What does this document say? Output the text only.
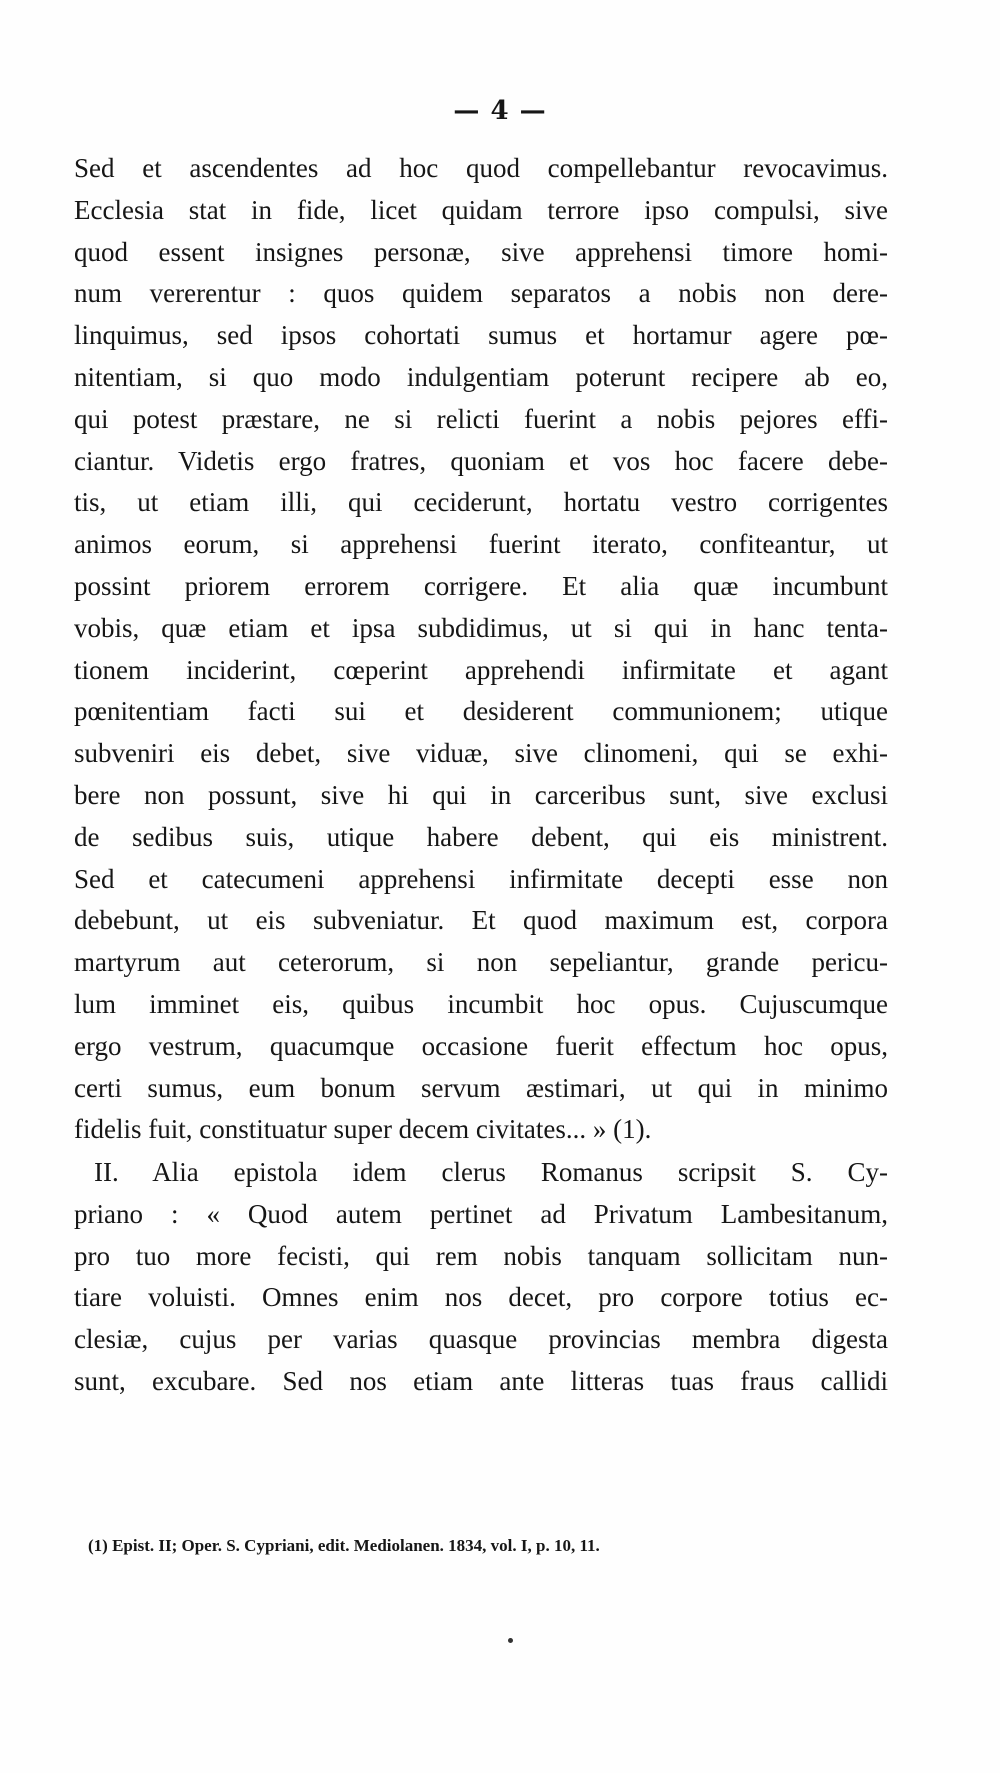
— 4 —
Sed et ascendentes ad hoc quod compellebantur revocavimus.
Ecclesia stat in fide, licet quidam terrore ipso compulsi, sive
quod essent insignes personæ, sive apprehensi timore homi-
num vererentur : quos quidem separatos a nobis non dere-
linquimus, sed ipsos cohortati sumus et hortamur agere pœ-
nitentiam, si quo modo indulgentiam poterunt recipere ab eo,
qui potest præstare, ne si relicti fuerint a nobis pejores effi-
ciantur. Videtis ergo fratres, quoniam et vos hoc facere debe-
tis, ut etiam illi, qui ceciderunt, hortatu vestro corrigentes
animos eorum, si apprehensi fuerint iterato, confiteantur, ut
possint priorem errorem corrigere. Et alia quæ incumbunt
vobis, quæ etiam et ipsa subdidimus, ut si qui in hanc tenta-
tionem inciderint, cœperint apprehendi infirmitate et agant
pœnitentiam facti sui et desiderent communionem; utique
subveniri eis debet, sive viduæ, sive clinomeni, qui se exhi-
bere non possunt, sive hi qui in carceribus sunt, sive exclusi
de sedibus suis, utique habere debent, qui eis ministrent.
Sed et catecumeni apprehensi infirmitate decepti esse non
debebunt, ut eis subveniatur. Et quod maximum est, corpora
martyrum aut ceterorum, si non sepeliantur, grande pericu-
lum imminet eis, quibus incumbit hoc opus. Cujuscumque
ergo vestrum, quacumque occasione fuerit effectum hoc opus,
certi sumus, eum bonum servum æstimari, ut qui in minimo
fidelis fuit, constituatur super decem civitates... » (1).
II. Alia epistola idem clerus Romanus scripsit S. Cy-
priano : « Quod autem pertinet ad Privatum Lambesitanum,
pro tuo more fecisti, qui rem nobis tanquam sollicitam nun-
tiare voluisti. Omnes enim nos decet, pro corpore totius ec-
clesiæ, cujus per varias quasque provincias membra digesta
sunt, excubare. Sed nos etiam ante litteras tuas fraus callidi
(1) Epist. II; Oper. S. Cypriani, edit. Mediolanen. 1834, vol. I, p. 10, 11.
